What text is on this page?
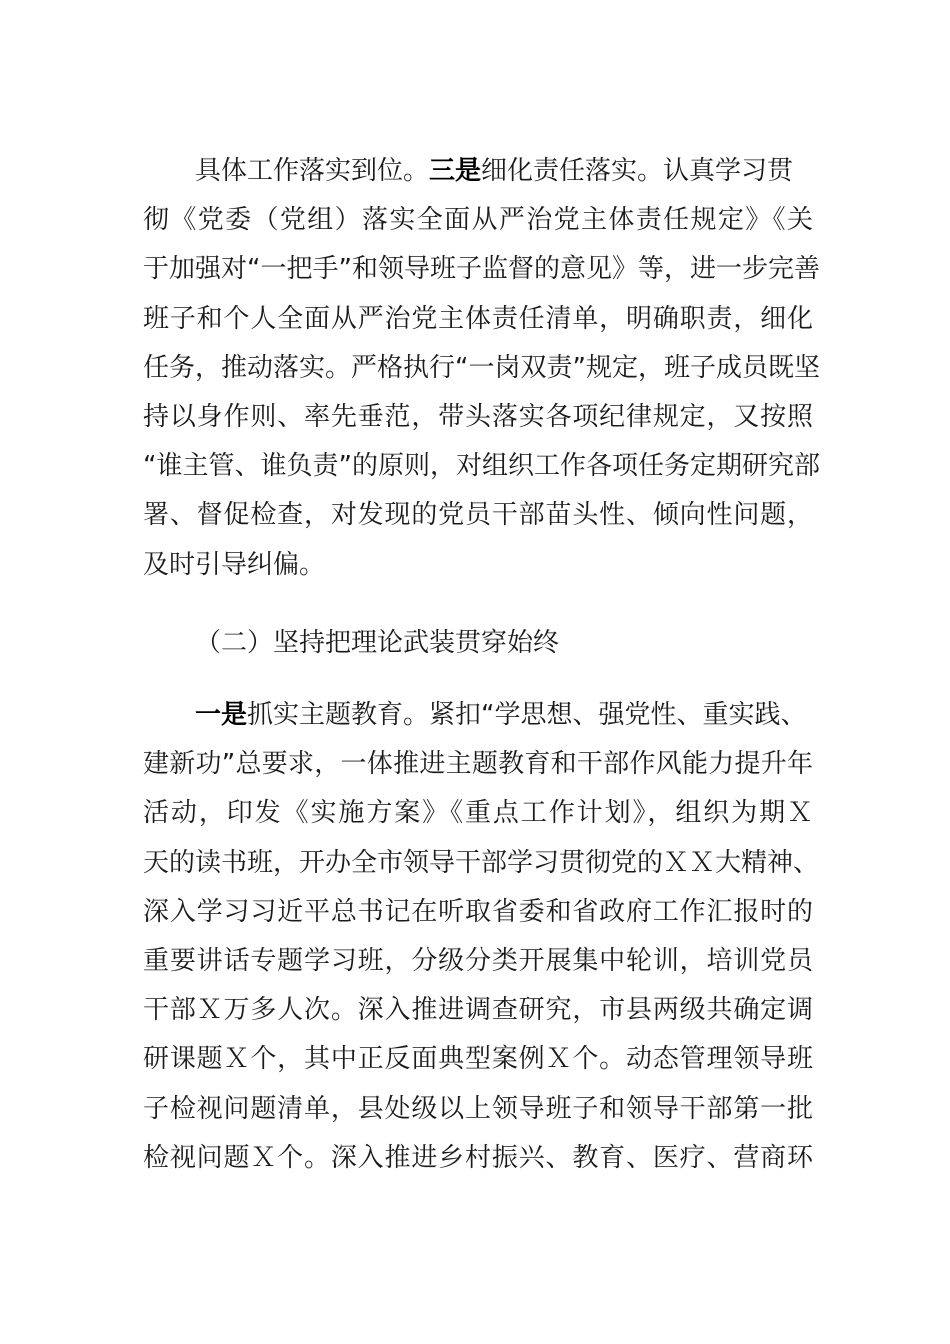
具体工作落实到位。三是细化责任落实。认真学习贯
彻《党委（党组）落实全面从严治党主体责任规定》《关
于加强对“一把手”和领导班子监督的意见》等，进一步完善
班子和个人全面从严治党主体责任清单，明确职责，细化
任务，推动落实。严格执行“一岗双责”规定，班子成员既坚
持以身作则、率先垂范，带头落实各项纪律规定，又按照
“谁主管、谁负责”的原则，对组织工作各项任务定期研究部
署、督促检查，对发现的党员干部苗头性、倾向性问题，
及时引导纠偏。
（二）坚持把理论武装贯穿始终
一是抓实主题教育。紧扣“学思想、强党性、重实践、
建新功”总要求，一体推进主题教育和干部作风能力提升年
活动，印发《实施方案》《重点工作计划》，组织为期Ｘ
天的读书班，开办全市领导干部学习贯彻党的ＸＸ大精神、
深入学习习近平总书记在听取省委和省政府工作汇报时的
重要讲话专题学习班，分级分类开展集中轮训，培训党员
干部Ｘ万多人次。深入推进调查研究，市县两级共确定调
研课题Ｘ个，其中正反面典型案例Ｘ个。动态管理领导班
子检视问题清单，县处级以上领导班子和领导干部第一批
检视问题Ｘ个。深入推进乡村振兴、教育、医疗、营商环
